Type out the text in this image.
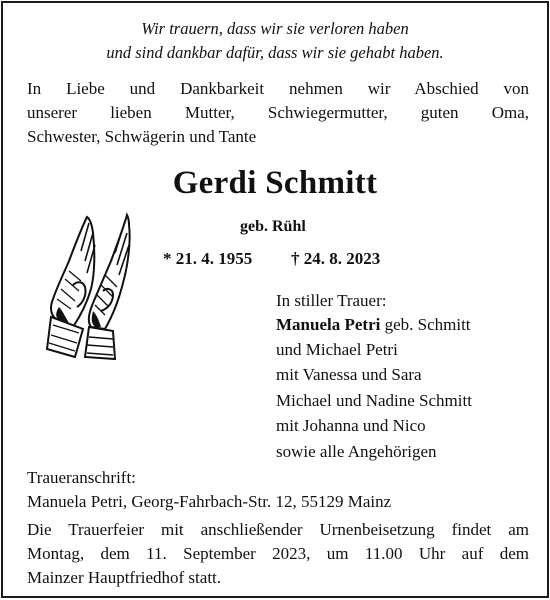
Wir trauern, dass wir sie verloren haben
und sind dankbar dafür, dass wir sie gehabt haben.
In Liebe und Dankbarkeit nehmen wir Abschied von
unserer lieben Mutter, Schwiegermutter, guten Oma,
Schwester, Schwägerin und Tante
Gerdi Schmitt
geb. Rühl
* 21. 4. 1955 † 24. 8. 2023
In stiller Trauer:
Manuela Petri geb. Schmitt
und Michael Petri
mit Vanessa und Sara
Michael und Nadine Schmitt
mit Johanna und Nico
sowie alle Angehörigen
Traueranschrift:
Manuela Petri, Georg-Fahrbach-Str. 12, 55129 Mainz
Die Trauerfeier mit anschließender Urnenbeisetzung findet am
Montag, dem 11. September 2023, um 11.00 Uhr auf dem
Mainzer Hauptfriedhof statt.
